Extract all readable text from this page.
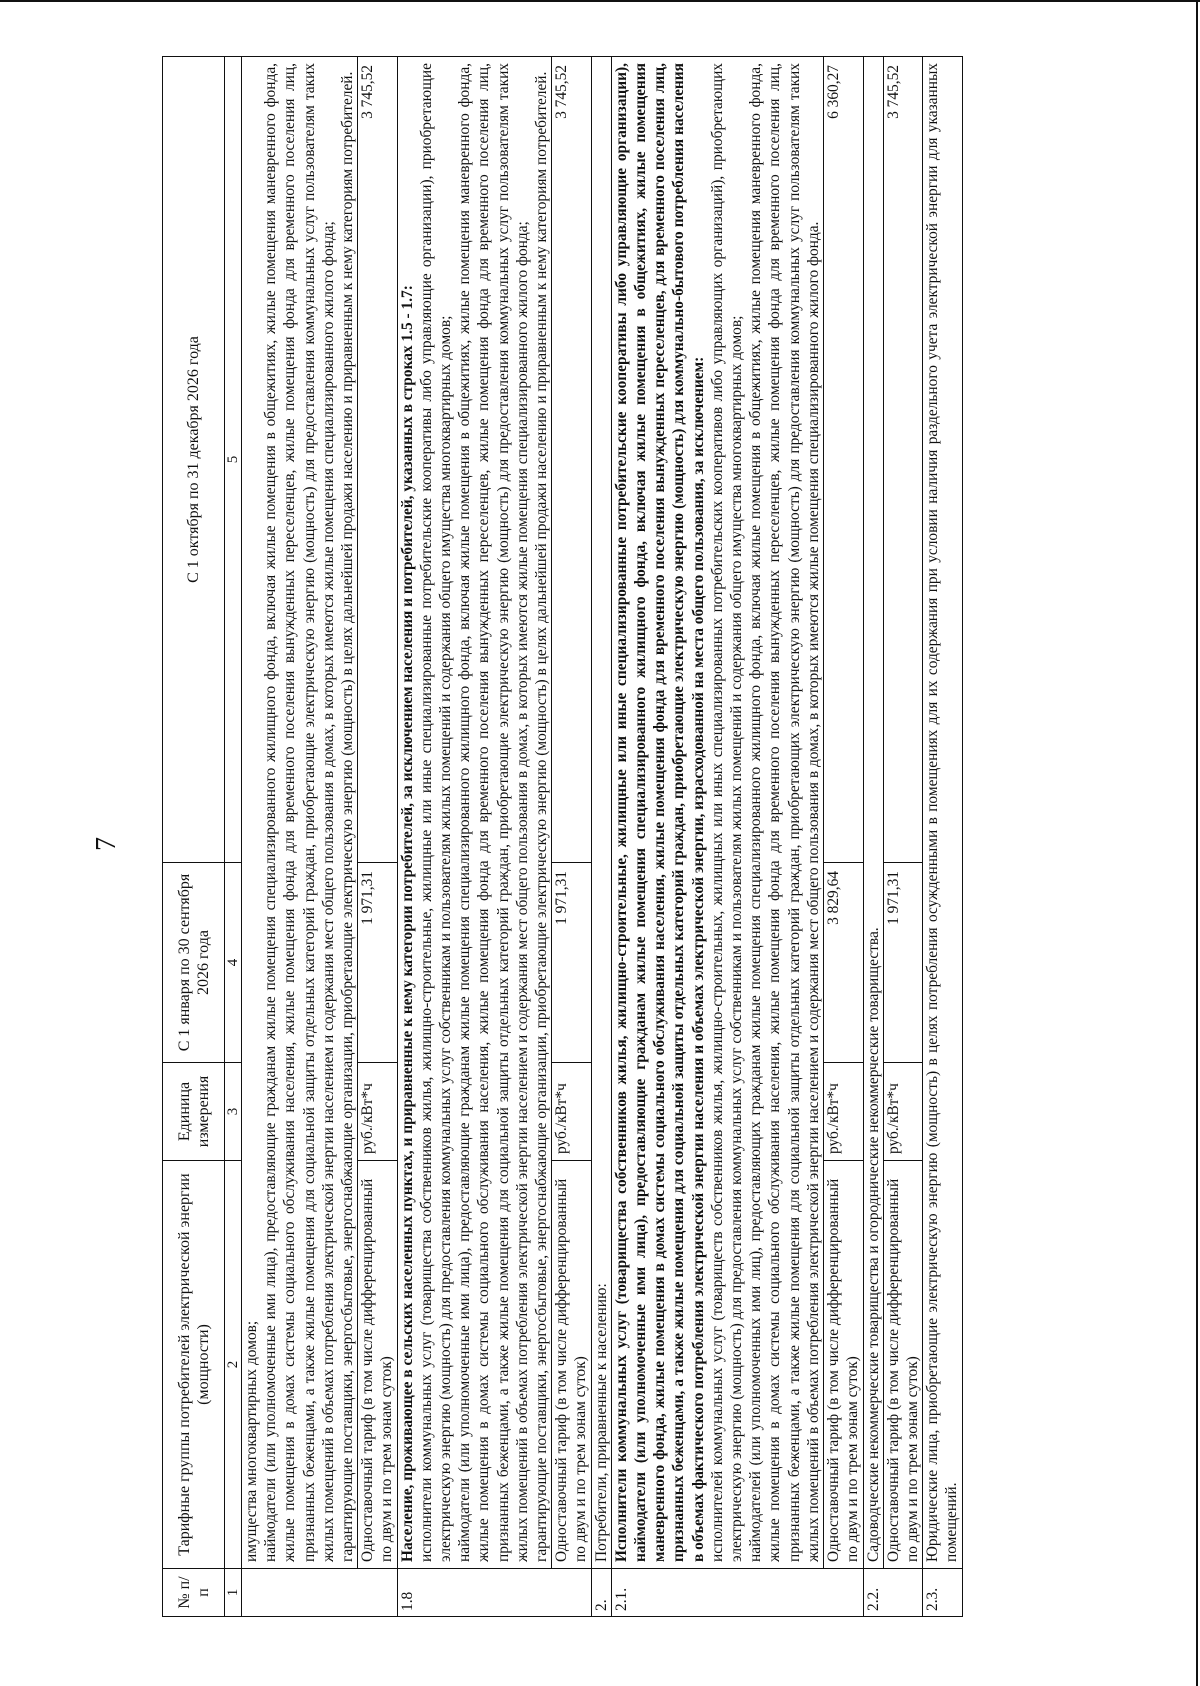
7
№ п/п	Тарифные группы потребителей электрической энергии (мощности)	Единица измерения	С 1 января по 30 сентября 2026 года	С 1 октября по 31 декабря 2026 года
1	2	3	4	5

	имущества многоквартирных домов; наймодатели (или уполномоченные ими лица), предоставляющие гражданам жилые помещения специализированного жилищного фонда, включая жилые помещения в общежитиях, жилые помещения маневренного фонда, жилые помещения в домах системы социального обслуживания населения, жилые помещения фонда для временного поселения вынужденных переселенцев, жилые помещения фонда для временного поселения лиц, признанных беженцами, а также жилые помещения для социальной защиты отдельных категорий граждан, приобретающие электрическую энергию (мощность) для предоставления коммунальных услуг пользователям таких жилых помещений в объемах потребления электрической энергии населением и содержания мест общего пользования в домах, в которых имеются жилые помещения специализированного жилого фонда; гарантирующие поставщики, энергосбытовые, энергоснабжающие организации, приобретающие электрическую энергию (мощность) в целях дальнейшей продажи населению и приравненным к нему категориям потребителей.			

	Одноставочный тариф (в том числе дифференцированный по двум и по трем зонам суток)	руб./кВт*ч	1 971,31	3 745,52
1.8	Население, проживающее в сельских населенных пунктах, и приравненные к нему категории потребителей, за исключением населения и потребителей, указанных в строках 1.5 - 1.7: исполнители коммунальных услуг (товарищества собственников жилья, жилищно-строительные, жилищные или иные специализированные потребительские кооперативы либо управляющие организации), приобретающие электрическую энергию (мощность) для предоставления коммунальных услуг собственникам и пользователям жилых помещений и содержания общего имущества многоквартирных домов; наймодатели (или уполномоченные ими лица), предоставляющие гражданам жилые помещения специализированного жилищного фонда, включая жилые помещения в общежитиях, жилые помещения маневренного фонда, жилые помещения в домах системы социального обслуживания населения, жилые помещения фонда для временного поселения вынужденных переселенцев, жилые помещения фонда для временного поселения лиц, признанных беженцами, а также жилые помещения для социальной защиты отдельных категорий граждан, приобретающие электрическую энергию (мощность) для предоставления коммунальных услуг пользователям таких жилых помещений в объемах потребления электрической энергии населением и содержания мест общего пользования в домах, в которых имеются жилые помещения специализированного жилого фонда; гарантирующие поставщики, энергосбытовые, энергоснабжающие организации, приобретающие электрическую энергию (мощность) в целях дальнейшей продажи населению и приравненным к нему категориям потребителей.			

	Одноставочный тариф (в том числе дифференцированный по двум и по трем зонам суток)	руб./кВт*ч	1 971,31	3 745,52
2.	Потребители, приравненные к населению:			
2.1.	Исполнители коммунальных услуг (товарищества собственников жилья, жилищно-строительные, жилищные или иные специализированные потребительские кооперативы либо управляющие организации), наймодатели (или уполномоченные ими лица), предоставляющие гражданам жилые помещения специализированного жилищного фонда, включая жилые помещения в общежитиях, жилые помещения маневренного фонда, жилые помещения в домах системы социального обслуживания населения, жилые помещения фонда для временного поселения вынужденных переселенцев, для временного поселения лиц, признанных беженцами, а также жилые помещения для социальной защиты отдельных категорий граждан, приобретающие электрическую энергию (мощность) для коммунально-бытового потребления населения в объемах фактического потребления электрической энергии населения и объемах электрической энергии, израсходованной на места общего пользования, за исключением: исполнителей коммунальных услуг (товариществ собственников жилья, жилищно-строительных, жилищных или иных специализированных потребительских кооперативов либо управляющих организаций), приобретающих электрическую энергию (мощность) для предоставления коммунальных услуг собственникам и пользователям жилых помещений и содержания общего имущества многоквартирных домов; наймодателей (или уполномоченных ими лиц), предоставляющих гражданам жилые помещения специализированного жилищного фонда, включая жилые помещения в общежитиях, жилые помещения маневренного фонда, жилые помещения в домах системы социального обслуживания населения, жилые помещения фонда для временного поселения вынужденных переселенцев, жилые помещения фонда для временного поселения лиц, признанных беженцами, а также жилые помещения для социальной защиты отдельных категорий граждан, приобретающих электрическую энергию (мощность) для предоставления коммунальных услуг пользователям таких жилых помещений в объемах потребления электрической энергии населением и содержания мест общего пользования в домах, в которых имеются жилые помещения специализированного жилого фонда.			

	Одноставочный тариф (в том числе дифференцированный по двум и по трем зонам суток)	руб./кВт*ч	3 829,64	6 360,27
2.2.	Садоводческие некоммерческие товарищества и огороднические некоммерческие товарищества.			
	Одноставочный тариф (в том числе дифференцированный по двум и по трем зонам суток)	руб./кВт*ч	1 971,31	3 745,52
2.3.	Юридические лица, приобретающие электрическую энергию (мощность) в целях потребления осужденными в помещениях для их содержания при условии наличия раздельного учета электрической энергии для указанных помещений.			
